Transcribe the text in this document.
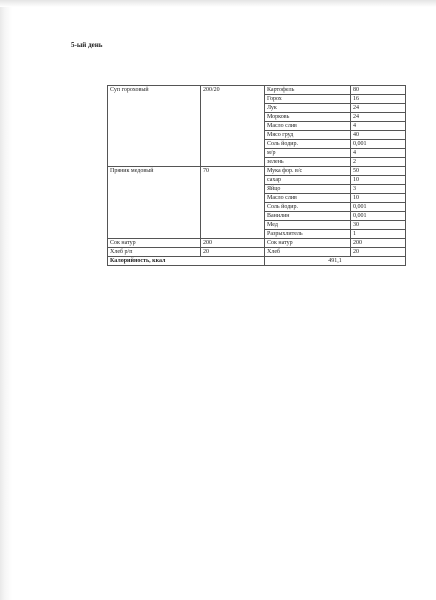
5-ый день
Суп гороховый	200/20	Картофель	80
		Горох	16
		Лук	24
		Морковь	24
		Масло слив	4
		Мясо груд	40
		Соль йодир.	0,001
		м/р	4
		зелень	2
Пряник медовый	70	Мука фор. в/с	50
		сахар	10
		Яйцо	3
		Масло слив	10
		Соль йодир.	0,001
		Ванилин	0,001
		Мед	30
		Разрыхлитель	1
Сок натур	200	Сок натур	200
Хлеб р/п	20	Хлеб	20
Калорийность, ккал		491,1	
